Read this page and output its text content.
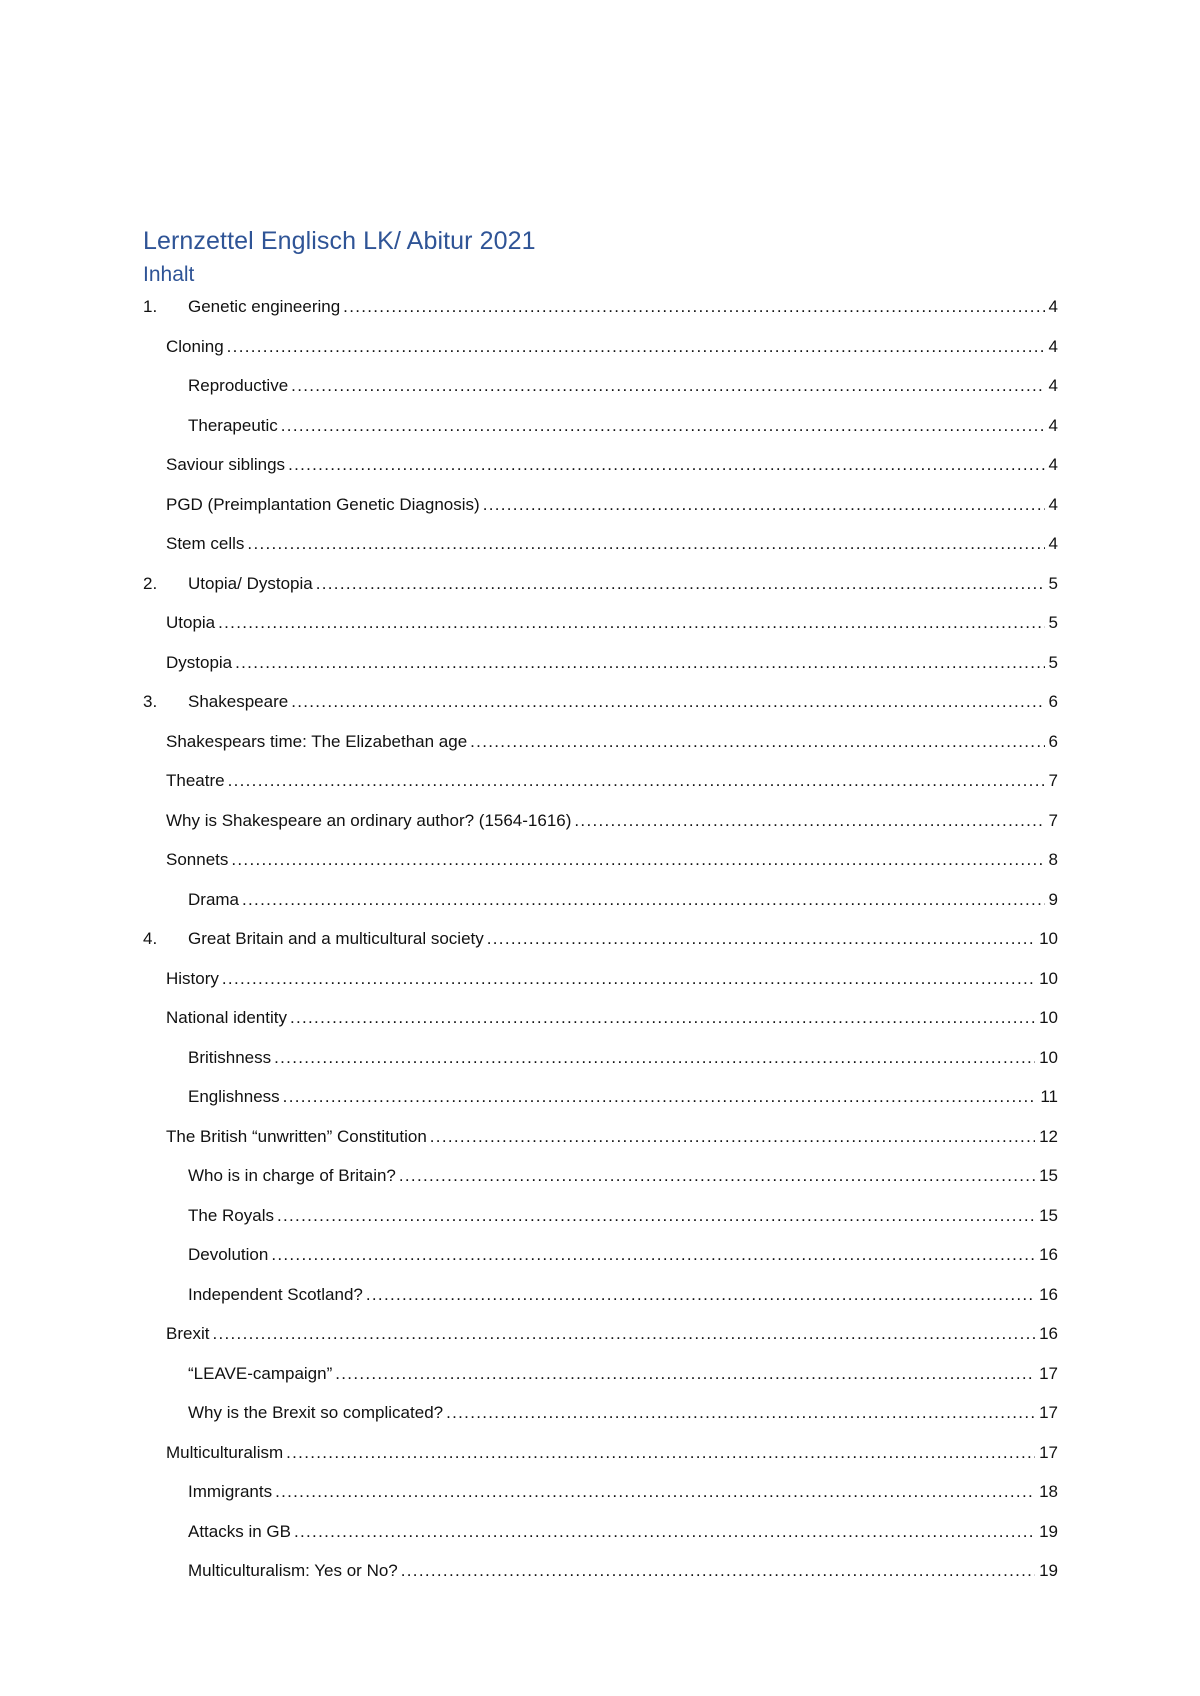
Lernzettel Englisch LK/ Abitur 2021
Inhalt
1.	Genetic engineering .....	4
Cloning .....	4
Reproductive .....	4
Therapeutic .....	4
Saviour siblings .....	4
PGD (Preimplantation Genetic Diagnosis) .....	4
Stem cells .....	4
2.	Utopia/ Dystopia .....	5
Utopia .....	5
Dystopia .....	5
3.	Shakespeare .....	6
Shakespears time: The Elizabethan age .....	6
Theatre .....	7
Why is Shakespeare an ordinary author? (1564-1616) .....	7
Sonnets .....	8
Drama .....	9
4.	Great Britain and a multicultural society .....	10
History .....	10
National identity .....	10
Britishness .....	10
Englishness .....	11
The British “unwritten” Constitution .....	12
Who is in charge of Britain? .....	15
The Royals .....	15
Devolution .....	16
Independent Scotland? .....	16
Brexit .....	16
“LEAVE-campaign” .....	17
Why is the Brexit so complicated? .....	17
Multiculturalism .....	17
Immigrants .....	18
Attacks in GB .....	19
Multiculturalism: Yes or No? .....	19
